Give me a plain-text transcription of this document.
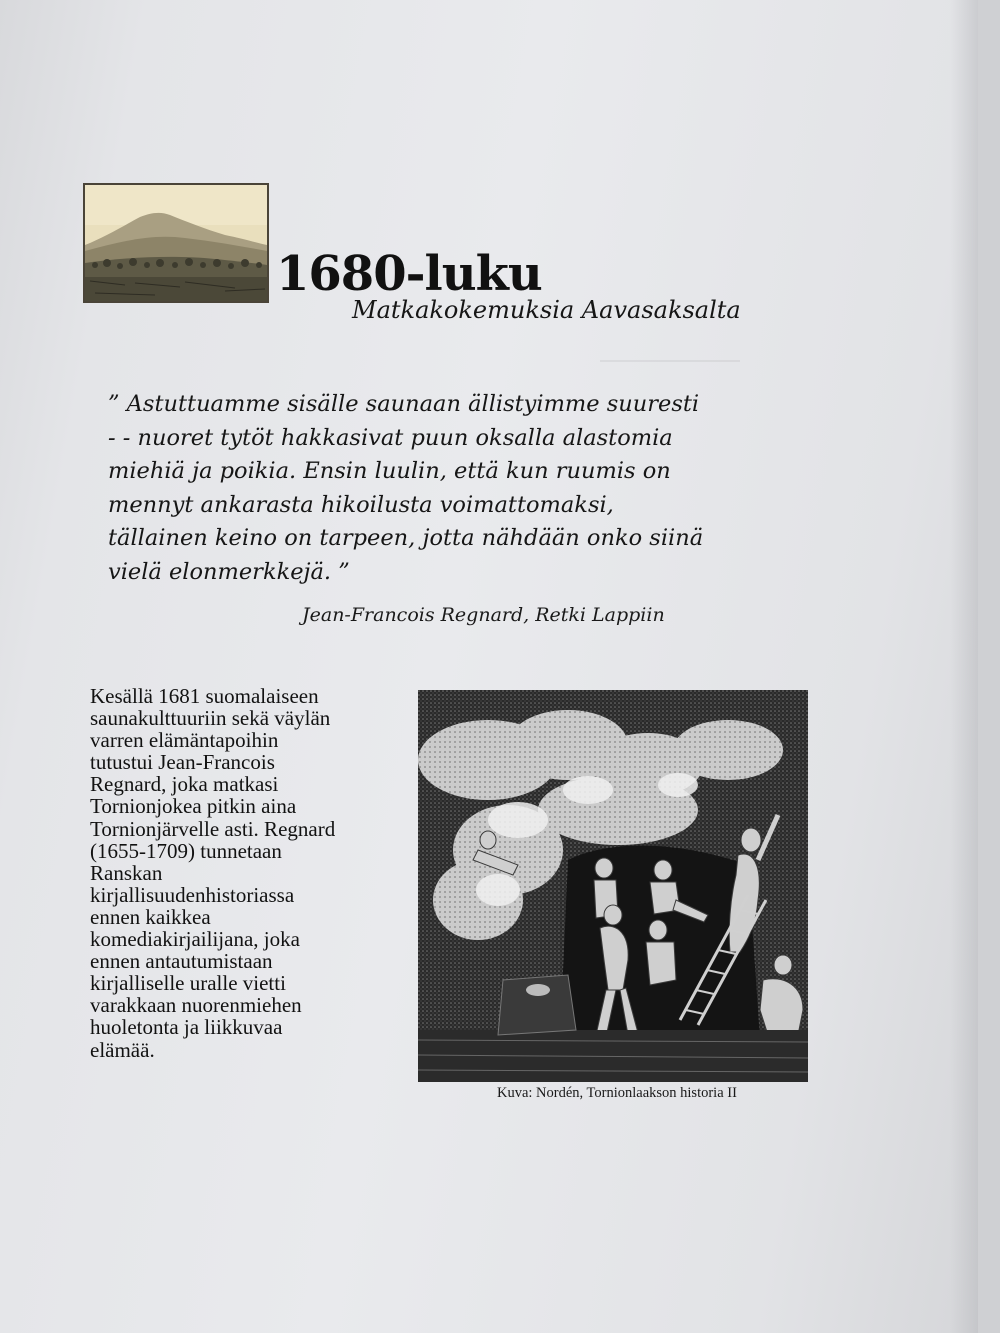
1680-luku
Matkakokemuksia Aavasaksalta
” Astuttuamme sisälle saunaan ällistyimme suuresti
- - nuoret tytöt hakkasivat puun oksalla alastomia
miehiä ja poikia. Ensin luulin, että kun ruumis on
mennyt ankarasta hikoilusta voimattomaksi,
tällainen keino on tarpeen, jotta nähdään onko siinä
vielä elonmerkkejä. ”
Jean-Francois Regnard, Retki Lappiin
Kesällä 1681 suomalaiseen
saunakulttuuriin sekä väylän
varren elämäntapoihin
tutustui Jean-Francois
Regnard, joka matkasi
Tornionjokea pitkin aina
Tornionjärvelle asti. Regnard
(1655-1709) tunnetaan
Ranskan
kirjallisuudenhistoriassa
ennen kaikkea
komediakirjailijana, joka
ennen antautumistaan
kirjalliselle uralle vietti
varakkaan nuorenmiehen
huoletonta ja liikkuvaa
elämää.
Kuva: Nordén, Tornionlaakson historia II
